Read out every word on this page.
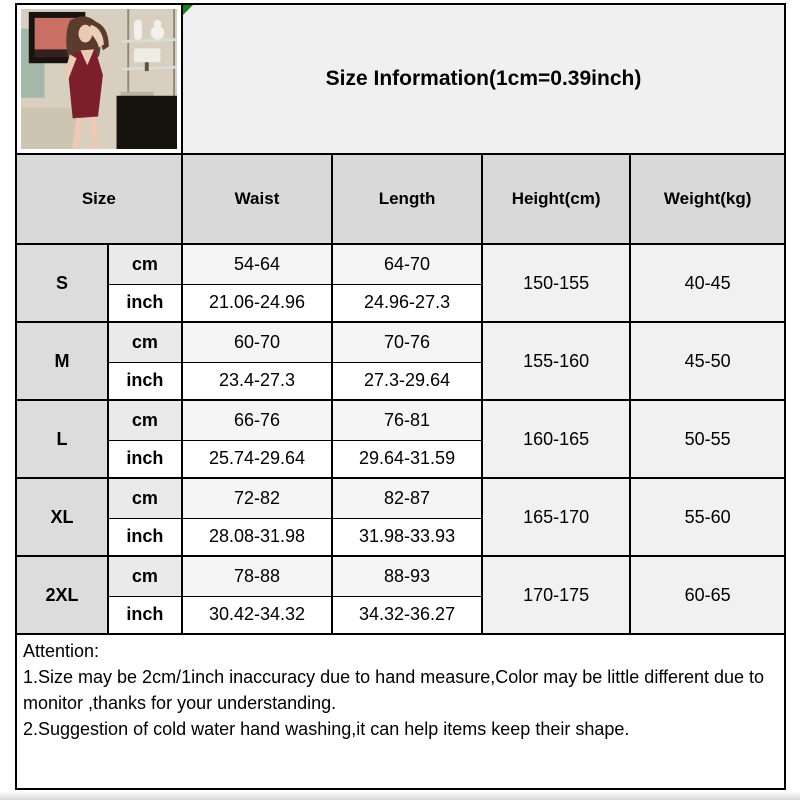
Size Information(1cm=0.39inch)
Size		Waist	Length	Height(cm)	Weight(kg)
S	cm	54-64	64-70	150-155	40-45
	inch	21.06-24.96	24.96-27.3		
M	cm	60-70	70-76	155-160	45-50
	inch	23.4-27.3	27.3-29.64		
L	cm	66-76	76-81	160-165	50-55
	inch	25.74-29.64	29.64-31.59		
XL	cm	72-82	82-87	165-170	55-60
	inch	28.08-31.98	31.98-33.93		
2XL	cm	78-88	88-93	170-175	60-65
	inch	30.42-34.32	34.32-36.27		
Attention:
1.Size may be 2cm/1inch inaccuracy due to hand measure,Color may be little different due to monitor ,thanks for your understanding.
2.Suggestion of cold water hand washing,it can help items keep their shape.
